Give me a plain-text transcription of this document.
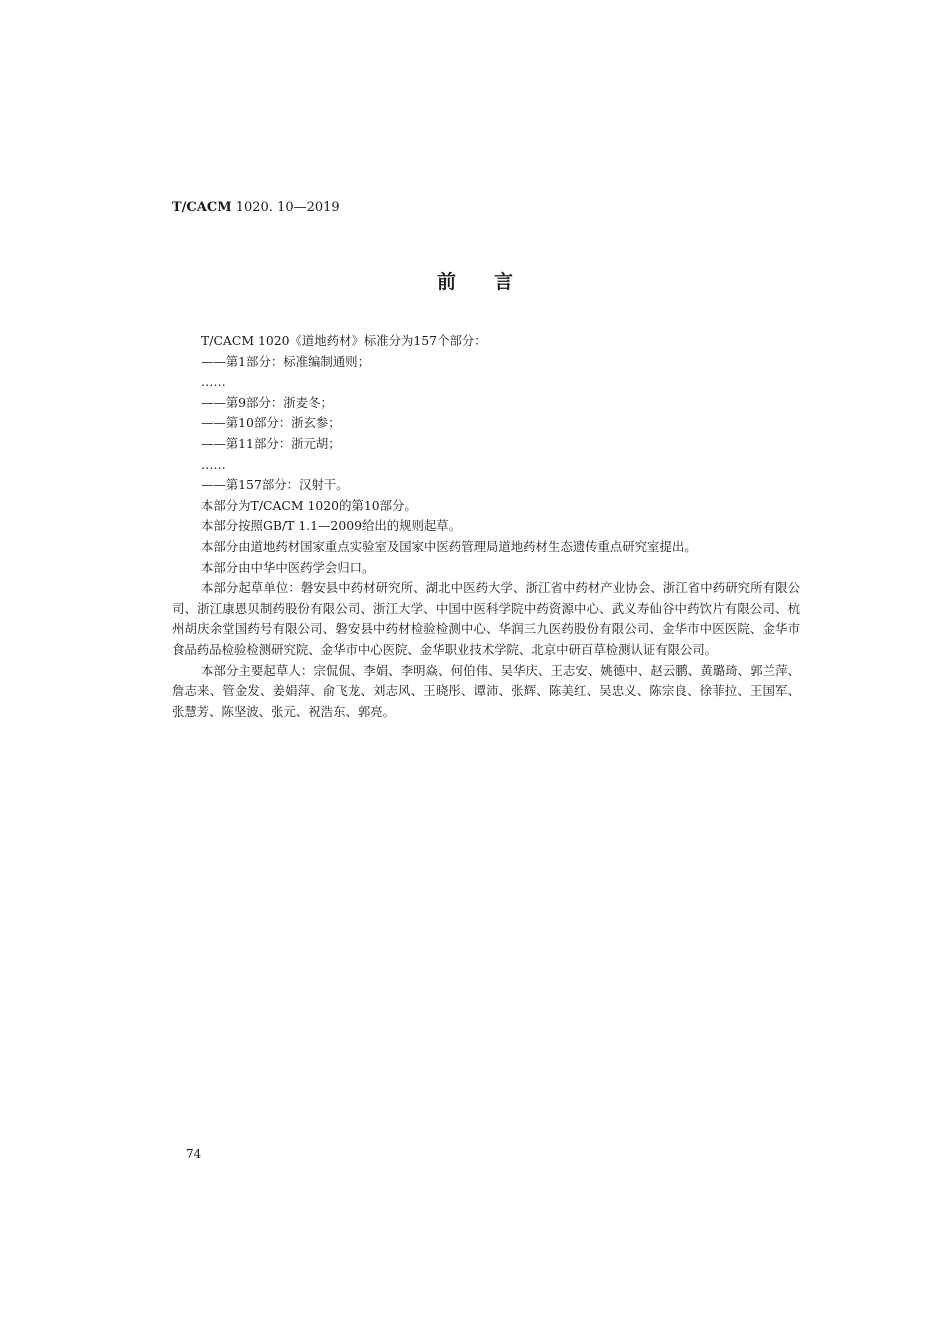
T/CACM 1020. 10—2019
前 言
T/CACM 1020《道地药材》标准分为157个部分：
——第1部分：标准编制通则；
……
——第9部分：浙麦冬；
——第10部分：浙玄参；
——第11部分：浙元胡；
……
——第157部分：汉射干。
本部分为T/CACM 1020的第10部分。
本部分按照GB/T 1.1—2009给出的规则起草。
本部分由道地药材国家重点实验室及国家中医药管理局道地药材生态遗传重点研究室提出。
本部分由中华中医药学会归口。
本部分起草单位：磐安县中药材研究所、湖北中医药大学、浙江省中药材产业协会、浙江省中药研究所有限公司、浙江康恩贝制药股份有限公司、浙江大学、中国中医科学院中药资源中心、武义寿仙谷中药饮片有限公司、杭州胡庆余堂国药号有限公司、磐安县中药材检验检测中心、华润三九医药股份有限公司、金华市中医医院、金华市食品药品检验检测研究院、金华市中心医院、金华职业技术学院、北京中研百草检测认证有限公司。
本部分主要起草人：宗侃侃、李娟、李明焱、何伯伟、吴华庆、王志安、姚德中、赵云鹏、黄璐琦、郭兰萍、詹志来、管金发、姜娟萍、俞飞龙、刘志风、王晓彤、谭沛、张辉、陈美红、吴忠义、陈宗良、徐菲拉、王国军、张慧芳、陈坚波、张元、祝浩东、郭亮。
74
